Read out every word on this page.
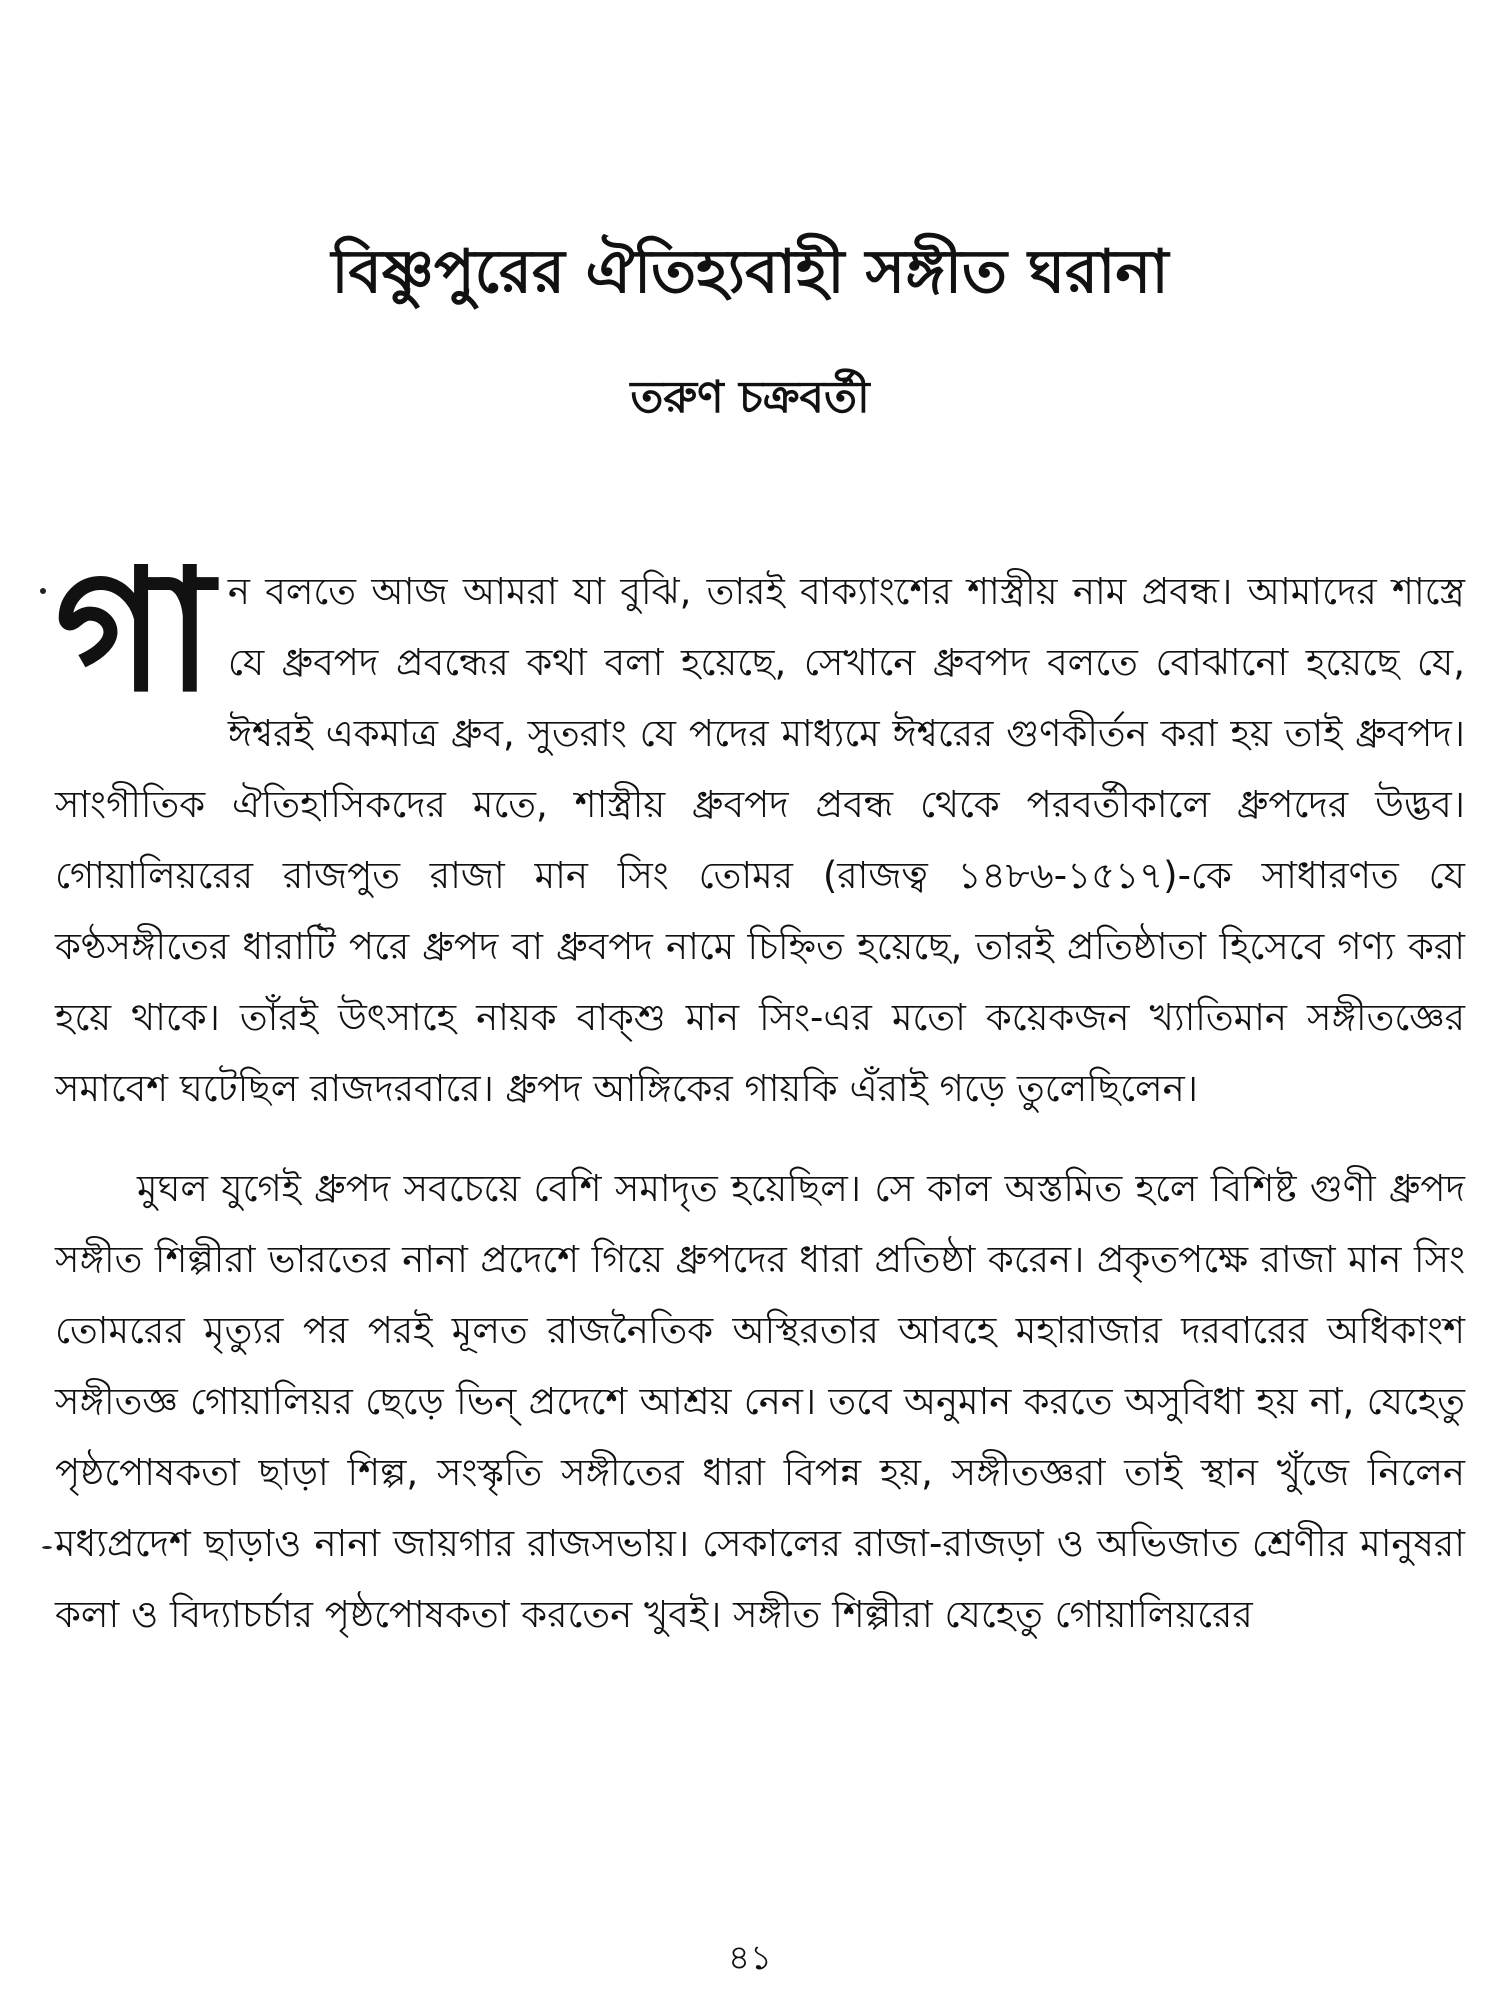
বিষ্ণুপুরের ঐতিহ্যবাহী সঙ্গীত ঘরানা
তরুণ চক্রবর্তী

গান বলতে আজ আমরা যা বুঝি, তারই বাক্যাংশের শাস্ত্রীয় নাম প্রবন্ধ। আমাদের শাস্ত্রে যে ধ্রুবপদ প্রবন্ধের কথা বলা হয়েছে, সেখানে ধ্রুবপদ বলতে বোঝানো হয়েছে যে, ঈশ্বরই একমাত্র ধ্রুব, সুতরাং যে পদের মাধ্যমে ঈশ্বরের গুণকীর্তন করা হয় তাই ধ্রুবপদ। সাংগীতিক ঐতিহাসিকদের মতে, শাস্ত্রীয় ধ্রুবপদ প্রবন্ধ থেকে পরবর্তীকালে ধ্রুপদের উদ্ভব। গোয়ালিয়রের রাজপুত রাজা মান সিং তোমর (রাজত্ব ১৪৮৬-১৫১৭)-কে সাধারণত যে কণ্ঠসঙ্গীতের ধারাটি পরে ধ্রুপদ বা ধ্রুবপদ নামে চিহ্নিত হয়েছে, তারই প্রতিষ্ঠাতা হিসেবে গণ্য করা হয়ে থাকে। তাঁরই উৎসাহে নায়ক বাক্শু মান সিং-এর মতো কয়েকজন খ্যাতিমান সঙ্গীতজ্ঞের সমাবেশ ঘটেছিল রাজদরবারে। ধ্রুপদ আঙ্গিকের গায়কি এঁরাই গড়ে তুলেছিলেন।

মুঘল যুগেই ধ্রুপদ সবচেয়ে বেশি সমাদৃত হয়েছিল। সে কাল অস্তমিত হলে বিশিষ্ট গুণী ধ্রুপদ সঙ্গীত শিল্পীরা ভারতের নানা প্রদেশে গিয়ে ধ্রুপদের ধারা প্রতিষ্ঠা করেন। প্রকৃতপক্ষে রাজা মান সিং তোমরের মৃত্যুর পর পরই মূলত রাজনৈতিক অস্থিরতার আবহে মহারাজার দরবারের অধিকাংশ সঙ্গীতজ্ঞ গোয়ালিয়র ছেড়ে ভিন্ প্রদেশে আশ্রয় নেন। তবে অনুমান করতে অসুবিধা হয় না, যেহেতু পৃষ্ঠপোষকতা ছাড়া শিল্প, সংস্কৃতি সঙ্গীতের ধারা বিপন্ন হয়, সঙ্গীতজ্ঞরা তাই স্থান খুঁজে নিলেন মধ্যপ্রদেশ ছাড়াও নানা জায়গার রাজসভায়। সেকালের রাজা-রাজড়া ও অভিজাত শ্রেণীর মানুষরা কলা ও বিদ্যাচর্চার পৃষ্ঠপোষকতা করতেন খুবই। সঙ্গীত শিল্পীরা যেহেতু গোয়ালিয়রের

৪১
